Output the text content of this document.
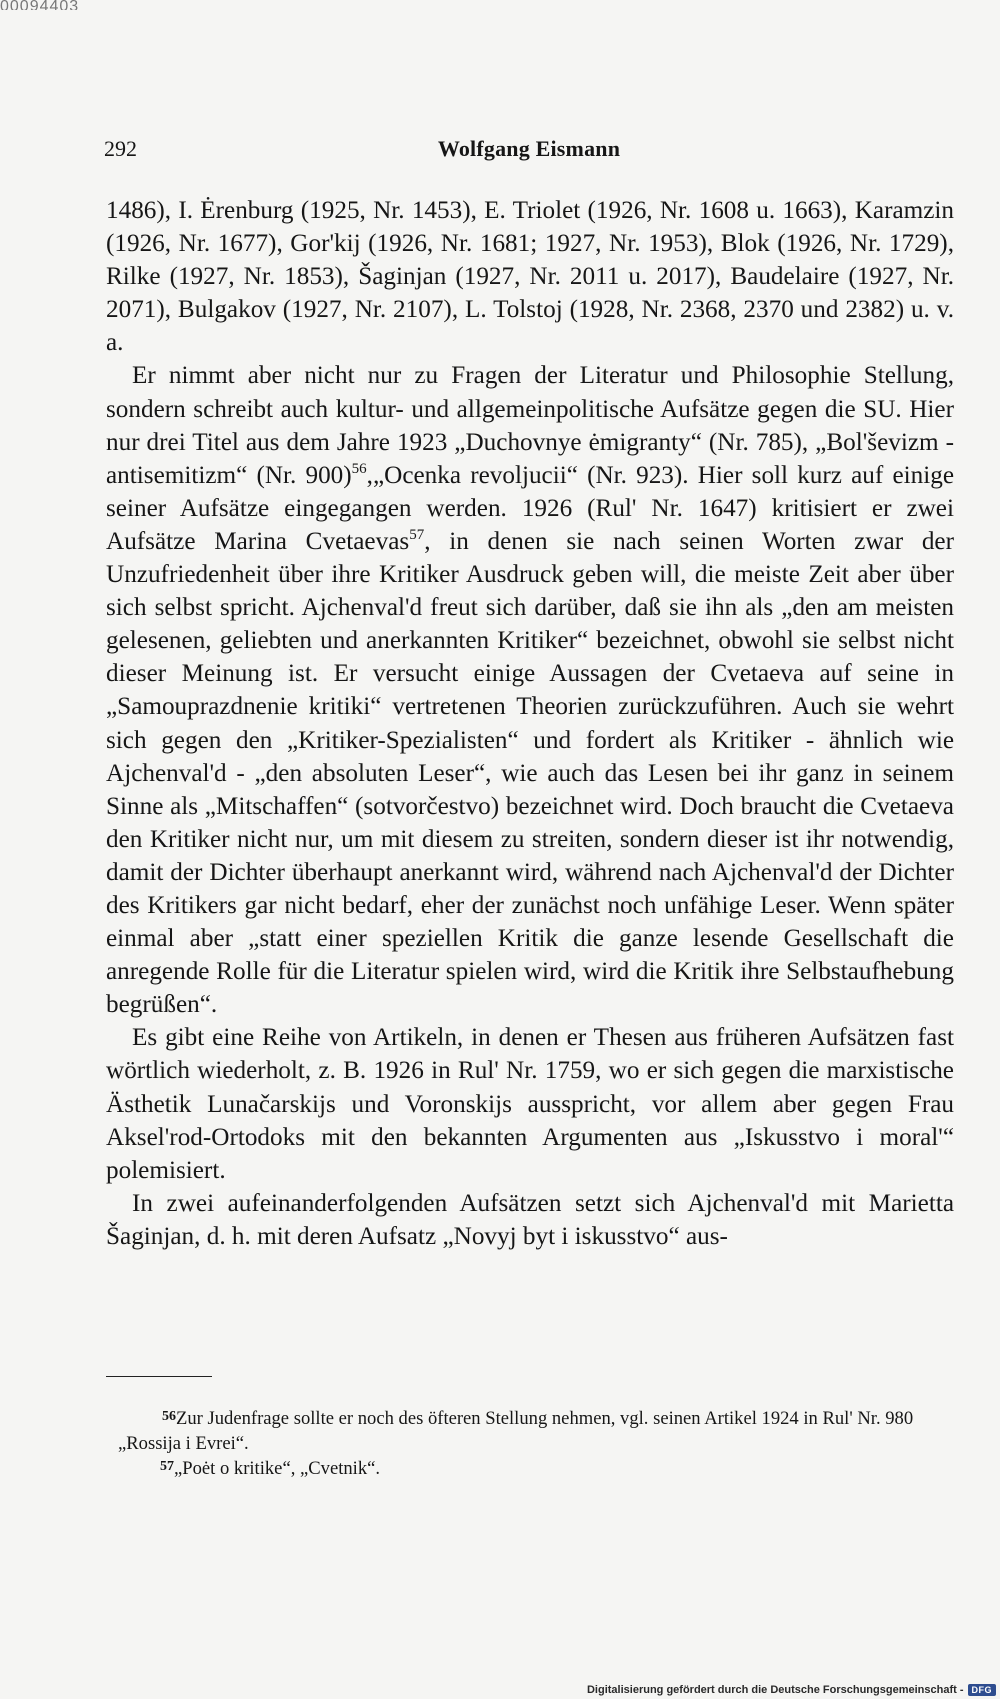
00094403
292	Wolfgang Eismann

1486), I. Ėrenburg (1925, Nr. 1453), E. Triolet (1926, Nr. 1608 u. 1663), Karamzin (1926, Nr. 1677), Gor'kij (1926, Nr. 1681; 1927, Nr. 1953), Blok (1926, Nr. 1729), Rilke (1927, Nr. 1853), Šaginjan (1927, Nr. 2011 u. 2017), Baudelaire (1927, Nr. 2071), Bulgakov (1927, Nr. 2107), L. Tolstoj (1928, Nr. 2368, 2370 und 2382) u. v. a.

Er nimmt aber nicht nur zu Fragen der Literatur und Philosophie Stellung, sondern schreibt auch kultur- und allgemeinpolitische Aufsätze gegen die SU. Hier nur drei Titel aus dem Jahre 1923 „Duchovnye ėmigranty“ (Nr. 785), „Bol'ševizm - antisemitizm“ (Nr. 900)$^{56}$,„Ocenka revoljucii“ (Nr. 923). Hier soll kurz auf einige seiner Aufsätze eingegangen werden. 1926 (Rul' Nr. 1647) kritisiert er zwei Aufsätze Marina Cvetaevas$^{57}$, in denen sie nach seinen Worten zwar der Unzufriedenheit über ihre Kritiker Ausdruck geben will, die meiste Zeit aber über sich selbst spricht. Ajchenval'd freut sich darüber, daß sie ihn als „den am meisten gelesenen, geliebten und anerkannten Kritiker“ bezeichnet, obwohl sie selbst nicht dieser Meinung ist. Er versucht einige Aussagen der Cvetaeva auf seine in „Samouprazdnenie kritiki“ vertretenen Theorien zurückzuführen. Auch sie wehrt sich gegen den „Kritiker-Spezialisten“ und fordert als Kritiker - ähnlich wie Ajchenval'd - „den absoluten Leser“, wie auch das Lesen bei ihr ganz in seinem Sinne als „Mitschaffen“ (sotvorčestvo) bezeichnet wird. Doch braucht die Cvetaeva den Kritiker nicht nur, um mit diesem zu streiten, sondern dieser ist ihr notwendig, damit der Dichter überhaupt anerkannt wird, während nach Ajchenval'd der Dichter des Kritikers gar nicht bedarf, eher der zunächst noch unfähige Leser. Wenn später einmal aber „statt einer speziellen Kritik die ganze lesende Gesellschaft die anregende Rolle für die Literatur spielen wird, wird die Kritik ihre Selbstaufhebung begrüßen“.

Es gibt eine Reihe von Artikeln, in denen er Thesen aus früheren Aufsätzen fast wörtlich wiederholt, z. B. 1926 in Rul' Nr. 1759, wo er sich gegen die marxistische Ästhetik Lunačarskijs und Voronskijs ausspricht, vor allem aber gegen Frau Aksel'rod-Ortodoks mit den bekannten Argumenten aus „Iskusstvo i moral'“ polemisiert.

In zwei aufeinanderfolgenden Aufsätzen setzt sich Ajchenval'd mit Marietta Šaginjan, d. h. mit deren Aufsatz „Novyj byt i iskusstvo“ aus-

$^{56}$Zur Judenfrage sollte er noch des öfteren Stellung nehmen, vgl. seinen Artikel 1924 in Rul' Nr. 980 „Rossija i Evrei“.

$^{57}$„Poėt o kritike“, „Cvetnik“.

Digitalisierung gefördert durch die Deutsche Forschungsgemeinschaft - DFG
